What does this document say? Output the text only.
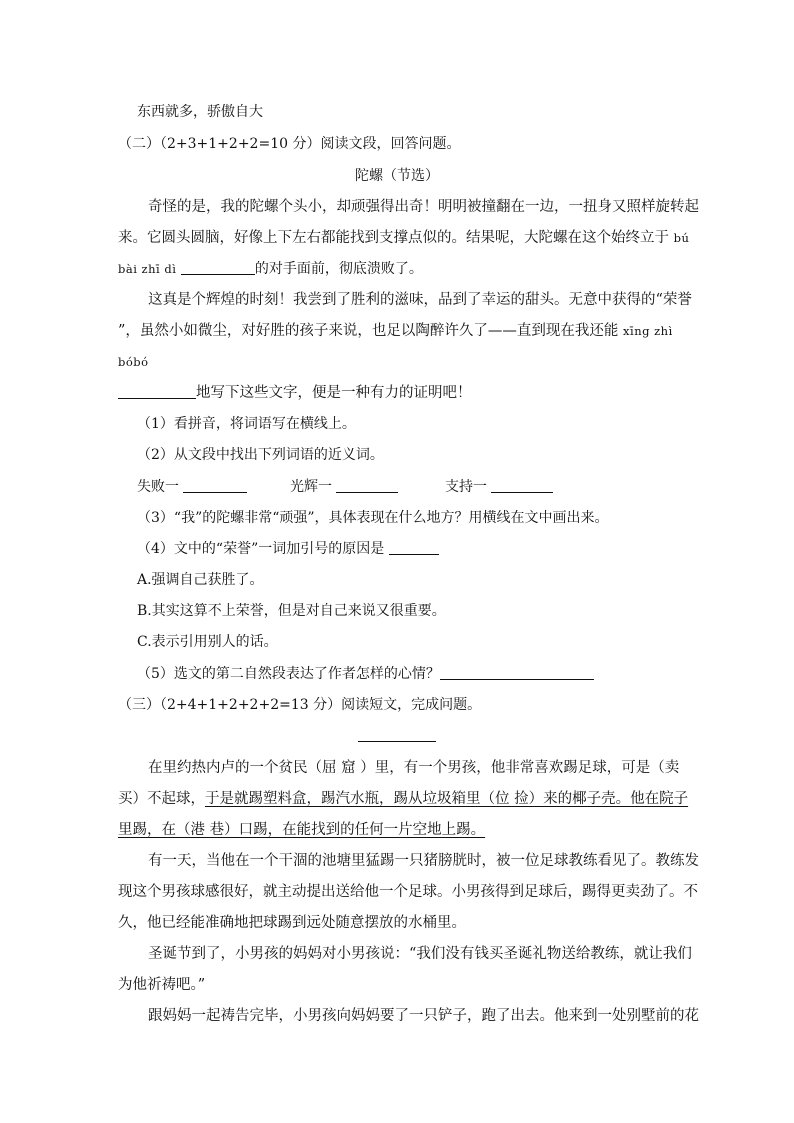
东西就多，骄傲自大
（二）（2+3+1+2+2=10 分）阅读文段，回答问题。
陀螺（节选）
奇怪的是，我的陀螺个头小，却顽强得出奇！明明被撞翻在一边，一扭身又照样旋转起
来。它圆头圆脑，好像上下左右都能找到支撑点似的。结果呢，大陀螺在这个始终立于 bú
bài zhī dì	的对手面前，彻底溃败了。
这真是个辉煌的时刻！我尝到了胜利的滋味，品到了幸运的甜头。无意中获得的“荣誉
”，虽然小如微尘，对好胜的孩子来说，也足以陶醉许久了——直到现在我还能 xīng zhì
bóbó
地写下这些文字，便是一种有力的证明吧！
（1）看拼音，将词语写在横线上。
（2）从文段中找出下列词语的近义词。
失败一	光辉一	支持一
（3）“我”的陀螺非常“顽强”，具体表现在什么地方？用横线在文中画出来。
（4）文中的“荣誉”一词加引号的原因是
A.强调自己获胜了。
B.其实这算不上荣誉，但是对自己来说又很重要。
C.表示引用别人的话。
（5）选文的第二自然段表达了作者怎样的心情？
（三）（2+4+1+2+2+2=13 分）阅读短文，完成问题。
在里约热内卢的一个贫民（屈 窟 ）里，有一个男孩，他非常喜欢踢足球，可是（卖
买）不起球，于是就踢塑料盒，踢汽水瓶，踢从垃圾箱里（位 捡）来的椰子壳。他在院子
里踢，在（港 巷）口踢，在能找到的任何一片空地上踢。
有一天，当他在一个干涸的池塘里猛踢一只猪膀胱时，被一位足球教练看见了。教练发
现这个男孩球感很好，就主动提出送给他一个足球。小男孩得到足球后，踢得更卖劲了。不
久，他已经能准确地把球踢到远处随意摆放的水桶里。
圣诞节到了，小男孩的妈妈对小男孩说：“我们没有钱买圣诞礼物送给教练，就让我们
为他祈祷吧。”
跟妈妈一起祷告完毕，小男孩向妈妈要了一只铲子，跑了出去。他来到一处别墅前的花
